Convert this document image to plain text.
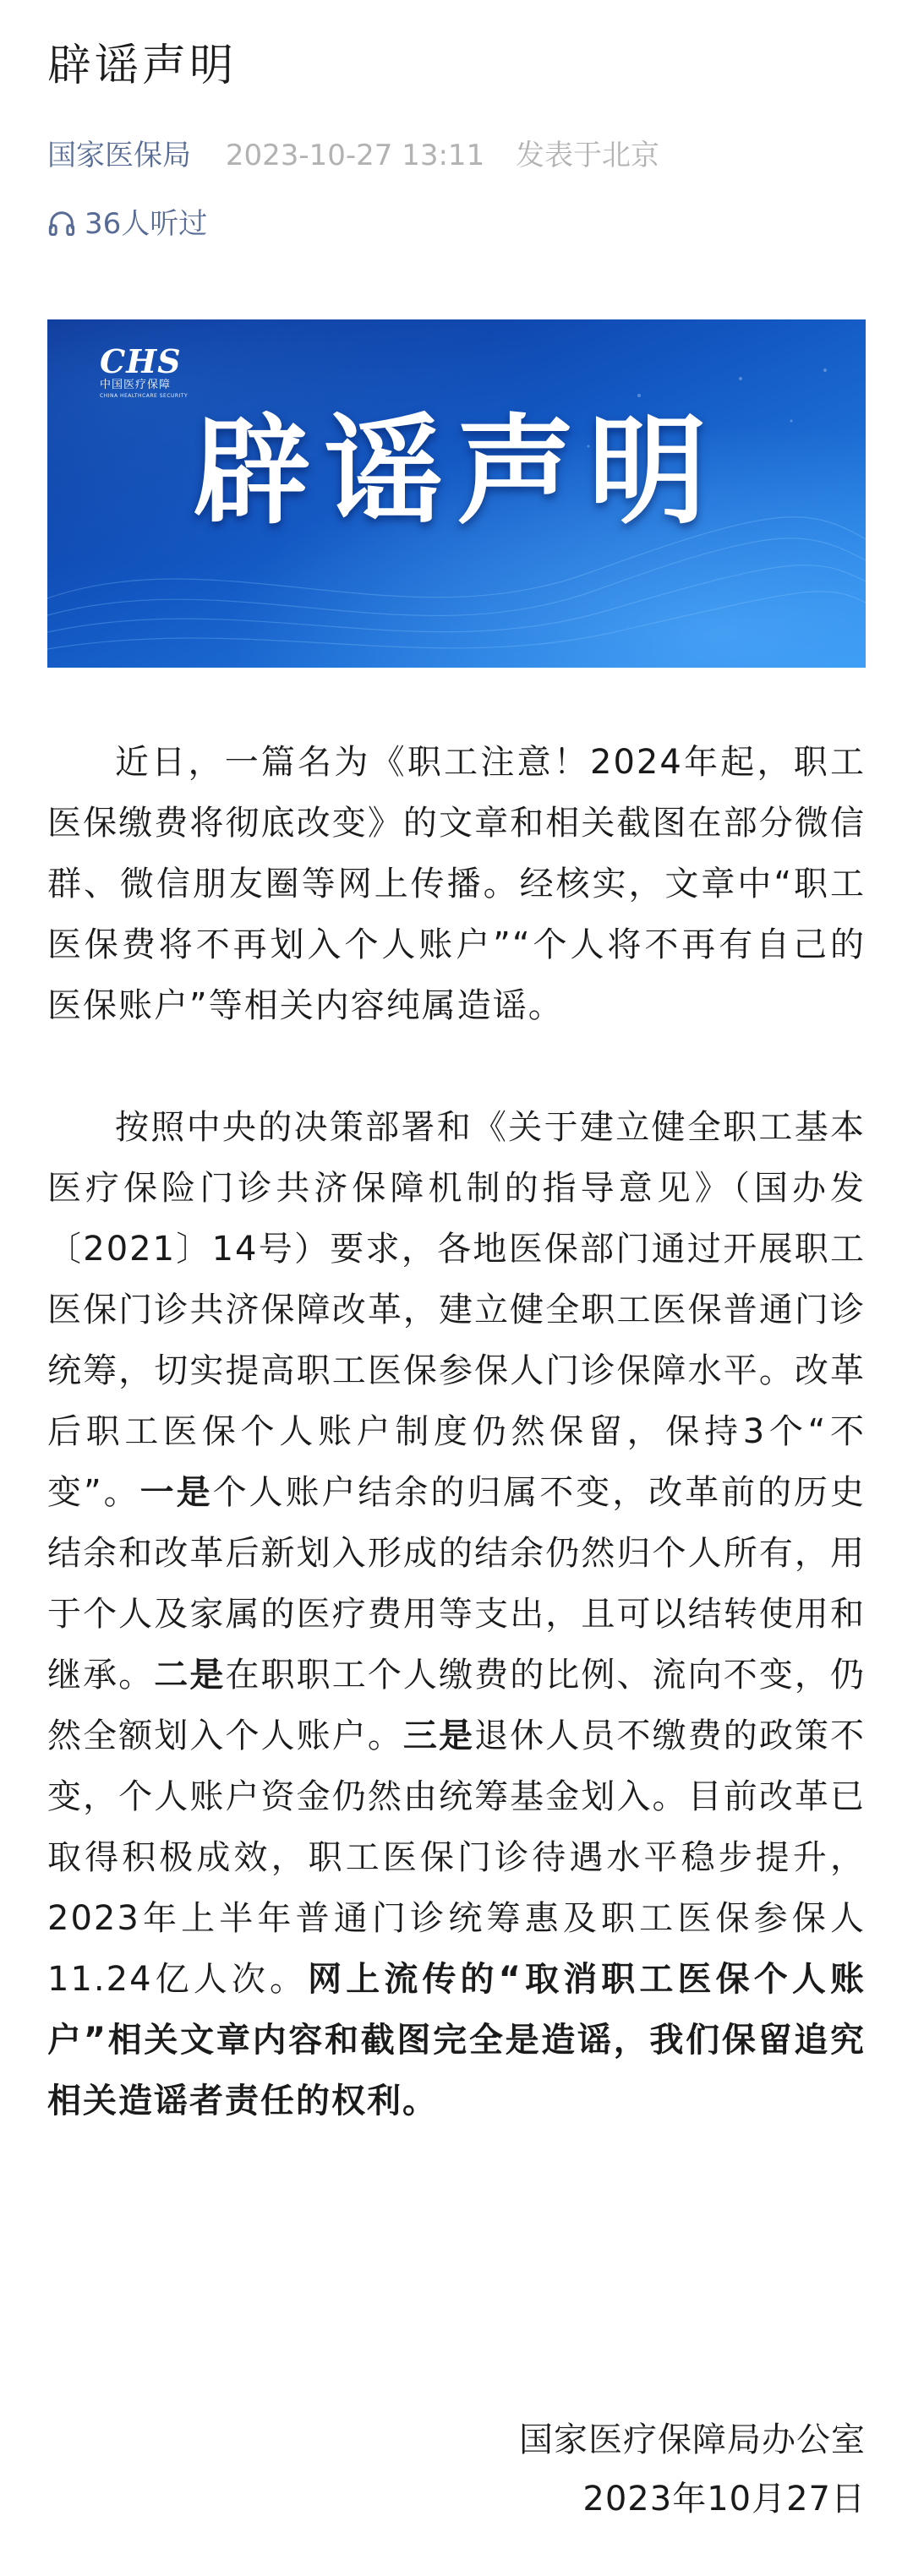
辟谣声明
国家医保局 2023-10-27 13:11 发表于北京
36人听过
CHS
中国医疗保障
CHINA HEALTHCARE SECURITY
辟谣声明

近日，一篇名为《职工注意！2024年起，职工医保缴费将彻底改变》的文章和相关截图在部分微信群、微信朋友圈等网上传播。经核实，文章中“职工医保费将不再划入个人账户”“个人将不再有自己的医保账户”等相关内容纯属造谣。

按照中央的决策部署和《关于建立健全职工基本医疗保险门诊共济保障机制的指导意见》（国办发〔2021〕14号）要求，各地医保部门通过开展职工医保门诊共济保障改革，建立健全职工医保普通门诊统筹，切实提高职工医保参保人门诊保障水平。改革后职工医保个人账户制度仍然保留，保持3个“不变”。一是个人账户结余的归属不变，改革前的历史结余和改革后新划入形成的结余仍然归个人所有，用于个人及家属的医疗费用等支出，且可以结转使用和继承。二是在职职工个人缴费的比例、流向不变，仍然全额划入个人账户。三是退休人员不缴费的政策不变，个人账户资金仍然由统筹基金划入。目前改革已取得积极成效，职工医保门诊待遇水平稳步提升，2023年上半年普通门诊统筹惠及职工医保参保人11.24亿人次。网上流传的“取消职工医保个人账户”相关文章内容和截图完全是造谣，我们保留追究相关造谣者责任的权利。

国家医疗保障局办公室
2023年10月27日
